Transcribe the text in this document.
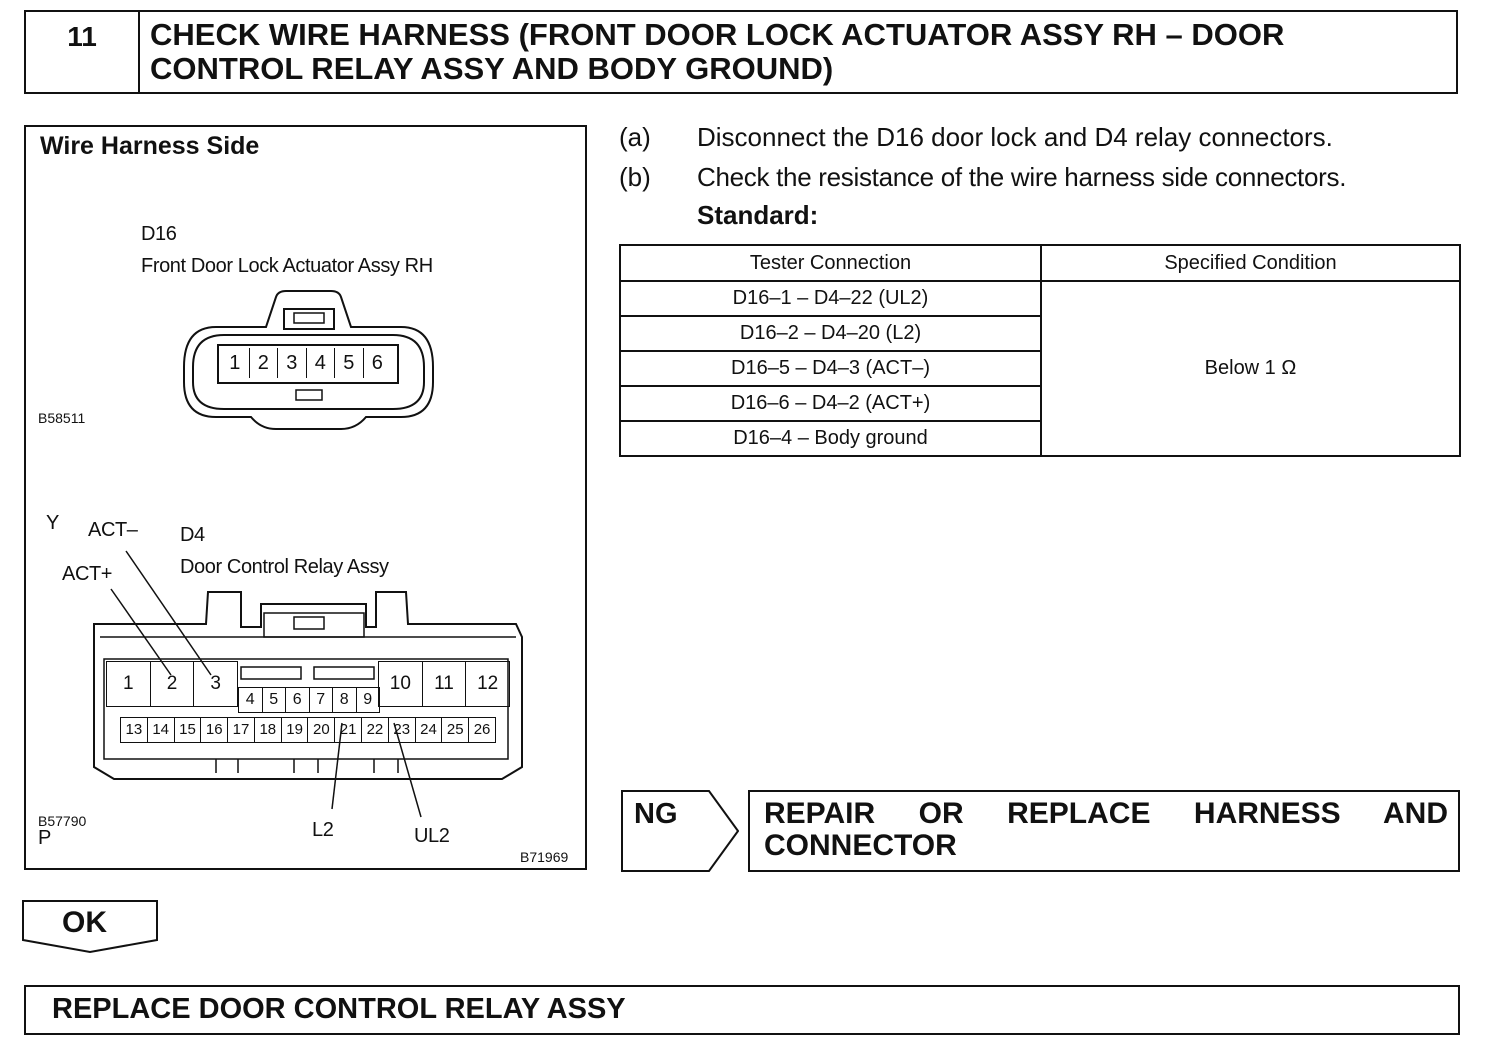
11	CHECK WIRE HARNESS (FRONT DOOR LOCK ACTUATOR ASSY RH – DOOR CONTROL RELAY ASSY AND BODY GROUND)
Wire Harness Side
D16
Front Door Lock Actuator Assy RH
1 2 3 4 5 6
B58511
Y ACT– D4
Door Control Relay Assy
ACT+
1	2	3	10	11	12
4 5 6 7 8 9
13 14 15 16 17 18 19 20 21 22 23 24 25 26
L2	UL2
B57790
P
B71969
(a) Disconnect the D16 door lock and D4 relay connectors.
(b) Check the resistance of the wire harness side connectors.
Standard:
Tester Connection	Specified Condition
D16–1 – D4–22 (UL2)	Below 1 Ω
D16–2 – D4–20 (L2)	
D16–5 – D4–3 (ACT–)	
D16–6 – D4–2 (ACT+)	
D16–4 – Body ground	
NG	REPAIR OR REPLACE HARNESS AND CONNECTOR
OK
REPLACE DOOR CONTROL RELAY ASSY
